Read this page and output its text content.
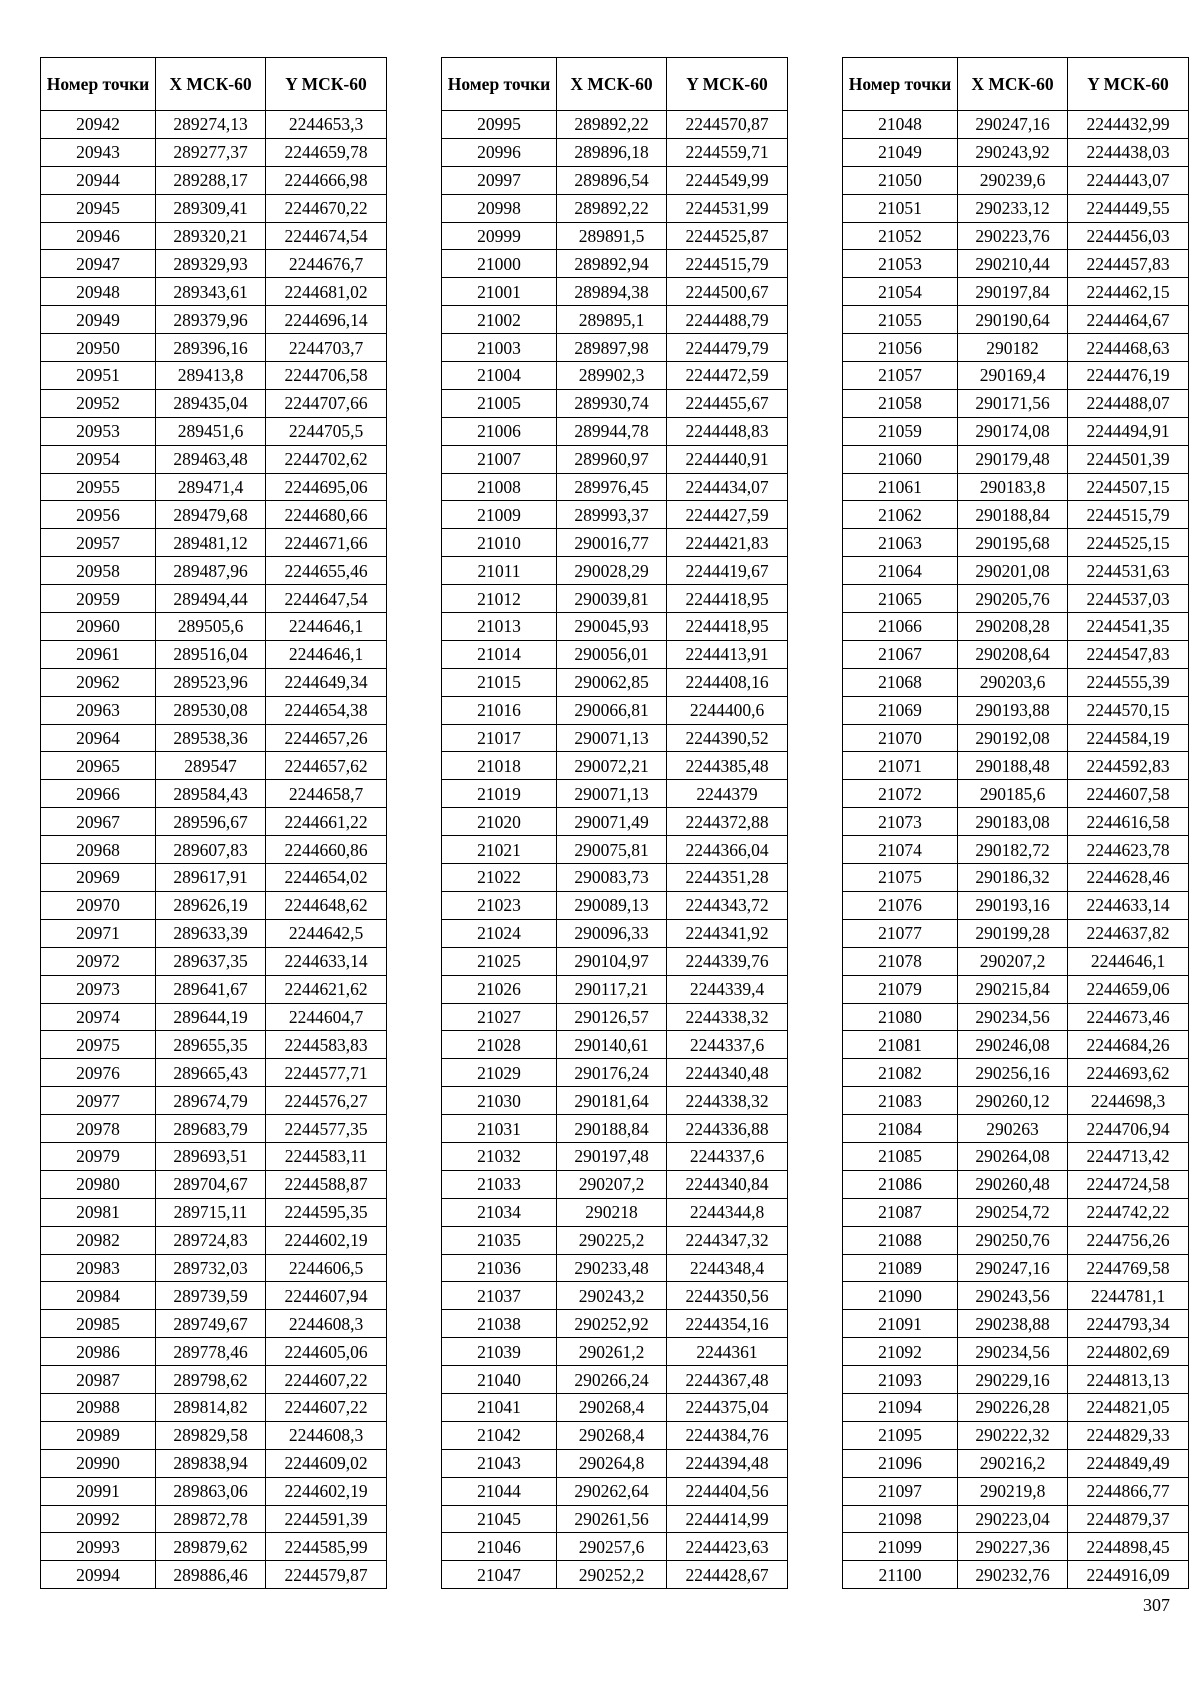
Номер точки	X МСК-60	Y МСК-60
20942	289274,13	2244653,3
20943	289277,37	2244659,78
20944	289288,17	2244666,98
20945	289309,41	2244670,22
20946	289320,21	2244674,54
20947	289329,93	2244676,7
20948	289343,61	2244681,02
20949	289379,96	2244696,14
20950	289396,16	2244703,7
20951	289413,8	2244706,58
20952	289435,04	2244707,66
20953	289451,6	2244705,5
20954	289463,48	2244702,62
20955	289471,4	2244695,06
20956	289479,68	2244680,66
20957	289481,12	2244671,66
20958	289487,96	2244655,46
20959	289494,44	2244647,54
20960	289505,6	2244646,1
20961	289516,04	2244646,1
20962	289523,96	2244649,34
20963	289530,08	2244654,38
20964	289538,36	2244657,26
20965	289547	2244657,62
20966	289584,43	2244658,7
20967	289596,67	2244661,22
20968	289607,83	2244660,86
20969	289617,91	2244654,02
20970	289626,19	2244648,62
20971	289633,39	2244642,5
20972	289637,35	2244633,14
20973	289641,67	2244621,62
20974	289644,19	2244604,7
20975	289655,35	2244583,83
20976	289665,43	2244577,71
20977	289674,79	2244576,27
20978	289683,79	2244577,35
20979	289693,51	2244583,11
20980	289704,67	2244588,87
20981	289715,11	2244595,35
20982	289724,83	2244602,19
20983	289732,03	2244606,5
20984	289739,59	2244607,94
20985	289749,67	2244608,3
20986	289778,46	2244605,06
20987	289798,62	2244607,22
20988	289814,82	2244607,22
20989	289829,58	2244608,3
20990	289838,94	2244609,02
20991	289863,06	2244602,19
20992	289872,78	2244591,39
20993	289879,62	2244585,99
20994	289886,46	2244579,87
Номер точки	X МСК-60	Y МСК-60
20995	289892,22	2244570,87
20996	289896,18	2244559,71
20997	289896,54	2244549,99
20998	289892,22	2244531,99
20999	289891,5	2244525,87
21000	289892,94	2244515,79
21001	289894,38	2244500,67
21002	289895,1	2244488,79
21003	289897,98	2244479,79
21004	289902,3	2244472,59
21005	289930,74	2244455,67
21006	289944,78	2244448,83
21007	289960,97	2244440,91
21008	289976,45	2244434,07
21009	289993,37	2244427,59
21010	290016,77	2244421,83
21011	290028,29	2244419,67
21012	290039,81	2244418,95
21013	290045,93	2244418,95
21014	290056,01	2244413,91
21015	290062,85	2244408,16
21016	290066,81	2244400,6
21017	290071,13	2244390,52
21018	290072,21	2244385,48
21019	290071,13	2244379
21020	290071,49	2244372,88
21021	290075,81	2244366,04
21022	290083,73	2244351,28
21023	290089,13	2244343,72
21024	290096,33	2244341,92
21025	290104,97	2244339,76
21026	290117,21	2244339,4
21027	290126,57	2244338,32
21028	290140,61	2244337,6
21029	290176,24	2244340,48
21030	290181,64	2244338,32
21031	290188,84	2244336,88
21032	290197,48	2244337,6
21033	290207,2	2244340,84
21034	290218	2244344,8
21035	290225,2	2244347,32
21036	290233,48	2244348,4
21037	290243,2	2244350,56
21038	290252,92	2244354,16
21039	290261,2	2244361
21040	290266,24	2244367,48
21041	290268,4	2244375,04
21042	290268,4	2244384,76
21043	290264,8	2244394,48
21044	290262,64	2244404,56
21045	290261,56	2244414,99
21046	290257,6	2244423,63
21047	290252,2	2244428,67
Номер точки	X МСК-60	Y МСК-60
21048	290247,16	2244432,99
21049	290243,92	2244438,03
21050	290239,6	2244443,07
21051	290233,12	2244449,55
21052	290223,76	2244456,03
21053	290210,44	2244457,83
21054	290197,84	2244462,15
21055	290190,64	2244464,67
21056	290182	2244468,63
21057	290169,4	2244476,19
21058	290171,56	2244488,07
21059	290174,08	2244494,91
21060	290179,48	2244501,39
21061	290183,8	2244507,15
21062	290188,84	2244515,79
21063	290195,68	2244525,15
21064	290201,08	2244531,63
21065	290205,76	2244537,03
21066	290208,28	2244541,35
21067	290208,64	2244547,83
21068	290203,6	2244555,39
21069	290193,88	2244570,15
21070	290192,08	2244584,19
21071	290188,48	2244592,83
21072	290185,6	2244607,58
21073	290183,08	2244616,58
21074	290182,72	2244623,78
21075	290186,32	2244628,46
21076	290193,16	2244633,14
21077	290199,28	2244637,82
21078	290207,2	2244646,1
21079	290215,84	2244659,06
21080	290234,56	2244673,46
21081	290246,08	2244684,26
21082	290256,16	2244693,62
21083	290260,12	2244698,3
21084	290263	2244706,94
21085	290264,08	2244713,42
21086	290260,48	2244724,58
21087	290254,72	2244742,22
21088	290250,76	2244756,26
21089	290247,16	2244769,58
21090	290243,56	2244781,1
21091	290238,88	2244793,34
21092	290234,56	2244802,69
21093	290229,16	2244813,13
21094	290226,28	2244821,05
21095	290222,32	2244829,33
21096	290216,2	2244849,49
21097	290219,8	2244866,77
21098	290223,04	2244879,37
21099	290227,36	2244898,45
21100	290232,76	2244916,09
307
